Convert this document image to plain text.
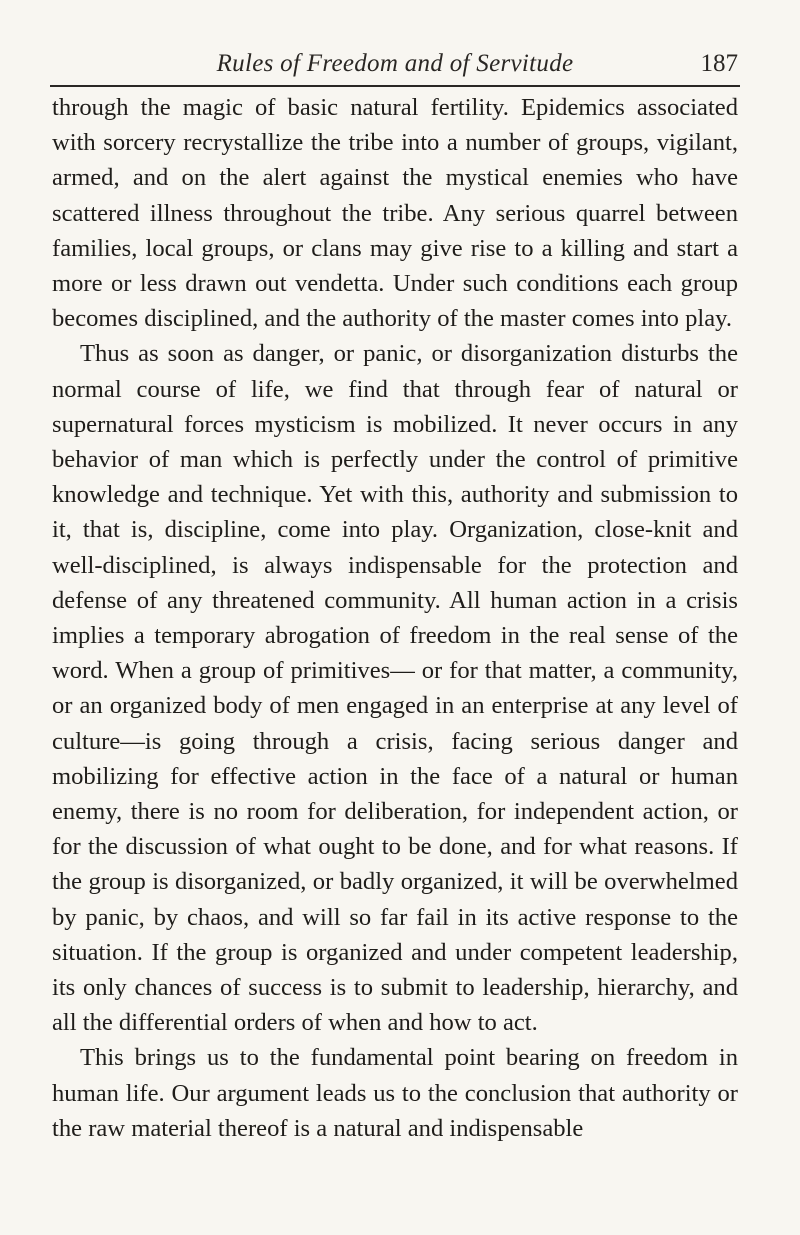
Rules of Freedom and of Servitude	187

through the magic of basic natural fertility. Epidemics associated with sorcery recrystallize the tribe into a number of groups, vigilant, armed, and on the alert against the mystical enemies who have scattered illness throughout the tribe. Any serious quarrel between families, local groups, or clans may give rise to a killing and start a more or less drawn out vendetta. Under such conditions each group becomes disciplined, and the authority of the master comes into play.

Thus as soon as danger, or panic, or disorganization disturbs the normal course of life, we find that through fear of natural or supernatural forces mysticism is mobilized. It never occurs in any behavior of man which is perfectly under the control of primitive knowledge and technique. Yet with this, authority and submission to it, that is, discipline, come into play. Organization, close-knit and well-disciplined, is always indispensable for the protection and defense of any threatened community. All human action in a crisis implies a temporary abrogation of freedom in the real sense of the word. When a group of primitives— or for that matter, a community, or an organized body of men engaged in an enterprise at any level of culture—is going through a crisis, facing serious danger and mobilizing for effective action in the face of a natural or human enemy, there is no room for deliberation, for independent action, or for the discussion of what ought to be done, and for what reasons. If the group is disorganized, or badly organized, it will be overwhelmed by panic, by chaos, and will so far fail in its active response to the situation. If the group is organized and under competent leadership, its only chances of success is to submit to leadership, hierarchy, and all the differential orders of when and how to act.

This brings us to the fundamental point bearing on freedom in human life. Our argument leads us to the conclusion that authority or the raw material thereof is a natural and indispensable
